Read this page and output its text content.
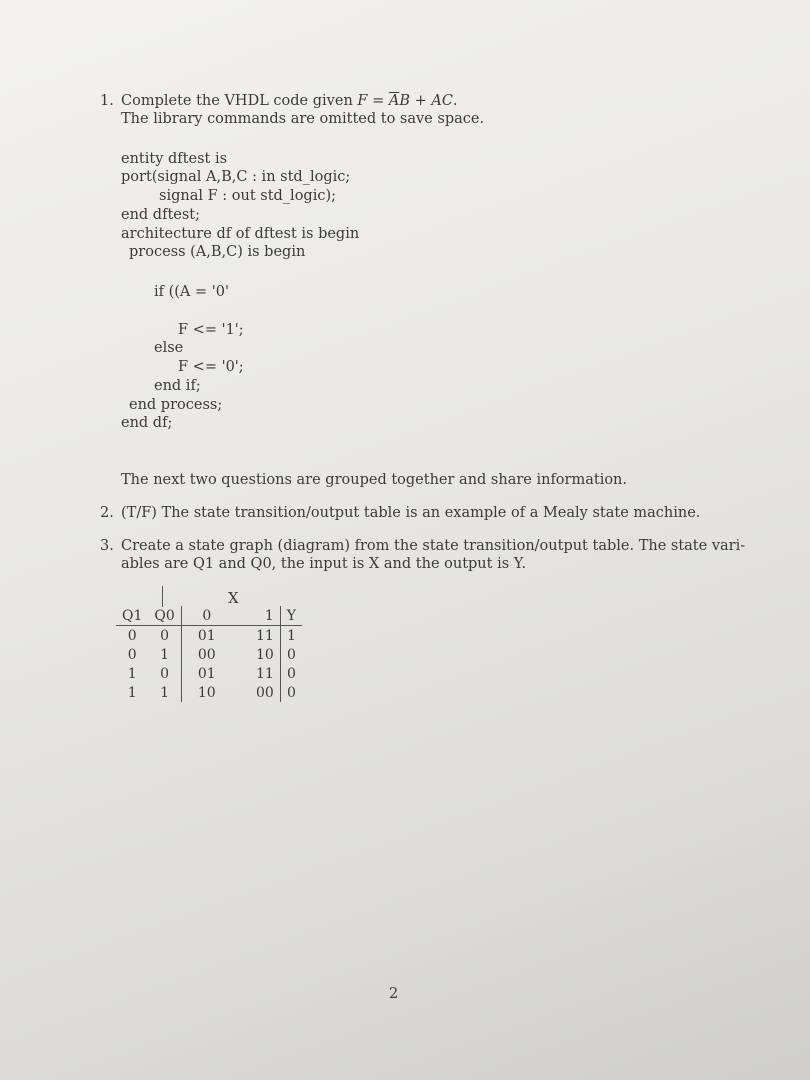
1. Complete the VHDL code given $F = \overline{A}B$ + AC.
The library commands are omitted to save space.
entity dftest is
port(signal A,B,C : in std_logic;
signal F : out std_logic);
end dftest;
architecture df of dftest is begin
process (A,B,C) is begin
if ((A = '0'
F <= '1';
else
F <= '0';
end if;
end process;
end df;
The next two questions are grouped together and share information.
2. (T/F) The state transition/output table is an example of a Mealy state machine.
3. Create a state graph (diagram) from the state transition/output table. The state vari-
ables are Q1 and Q0, the input is X and the output is Y.
X
Q1	Q0	0	1	Y
0	0	01	11	1
0	1	00	10	0
1	0	01	11	0
1	1	10	00	0
2
